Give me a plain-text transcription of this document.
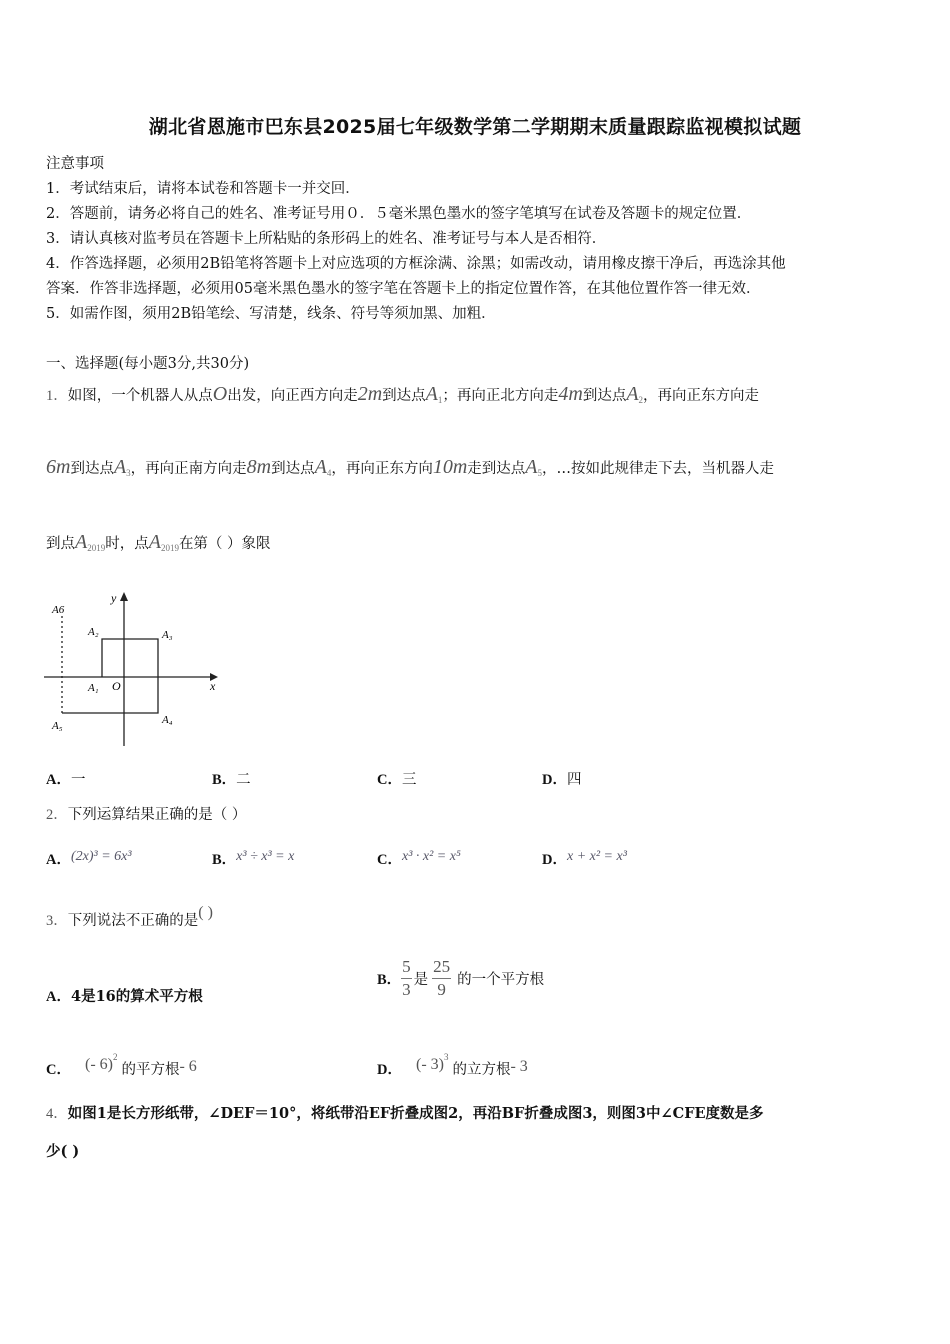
湖北省恩施市巴东县2025届七年级数学第二学期期末质量跟踪监视模拟试题
注意事项
1．考试结束后，请将本试卷和答题卡一并交回．
2．答题前，请务必将自己的姓名、准考证号用０．５毫米黑色墨水的签字笔填写在试卷及答题卡的规定位置．
3．请认真核对监考员在答题卡上所粘贴的条形码上的姓名、准考证号与本人是否相符．
4．作答选择题，必须用2B铅笔将答题卡上对应选项的方框涂满、涂黑；如需改动，请用橡皮擦干净后，再选涂其他
答案．作答非选择题，必须用05毫米黑色墨水的签字笔在答题卡上的指定位置作答，在其他位置作答一律无效．
5．如需作图，须用2B铅笔绘、写清楚，线条、符号等须加黑、加粗．
一、选择题(每小题3分,共30分)
1．如图，一个机器人从点O出发，向正西方向走2m到达点$A_1$；再向正北方向走4m到达点$A_2$，再向正东方向走
6m到达点$A_3$，再向正南方向走8m到达点$A_4$，再向正东方向10m走到达点$A_5$，…按如此规律走下去，当机器人走
到点$A_{2019}$时，点$A_{2019}$在第（ ）象限
y
x
O
A₁
A₂	A₃
A₄
A₅
A6
A．一	B．二	C．三	D．四
2．下列运算结果正确的是（ ）
A．(2x)³ = 6x³	B．x³ ÷ x³ = x	C．x³ · x² = x⁵	D．x + x² = x³
3．下列说法不正确的是( )
A．4是16的算术平方根
B． $\frac{5}{3}$ 是 $\frac{25}{9}$ 的一个平方根
C． (- 6)$^2$的平方根- 6	D． (- 3)$^3$的立方根- 3
4．如图1是长方形纸带，∠DEF＝10°，将纸带沿EF折叠成图2，再沿BF折叠成图3，则图3中∠CFE度数是多
少( )
